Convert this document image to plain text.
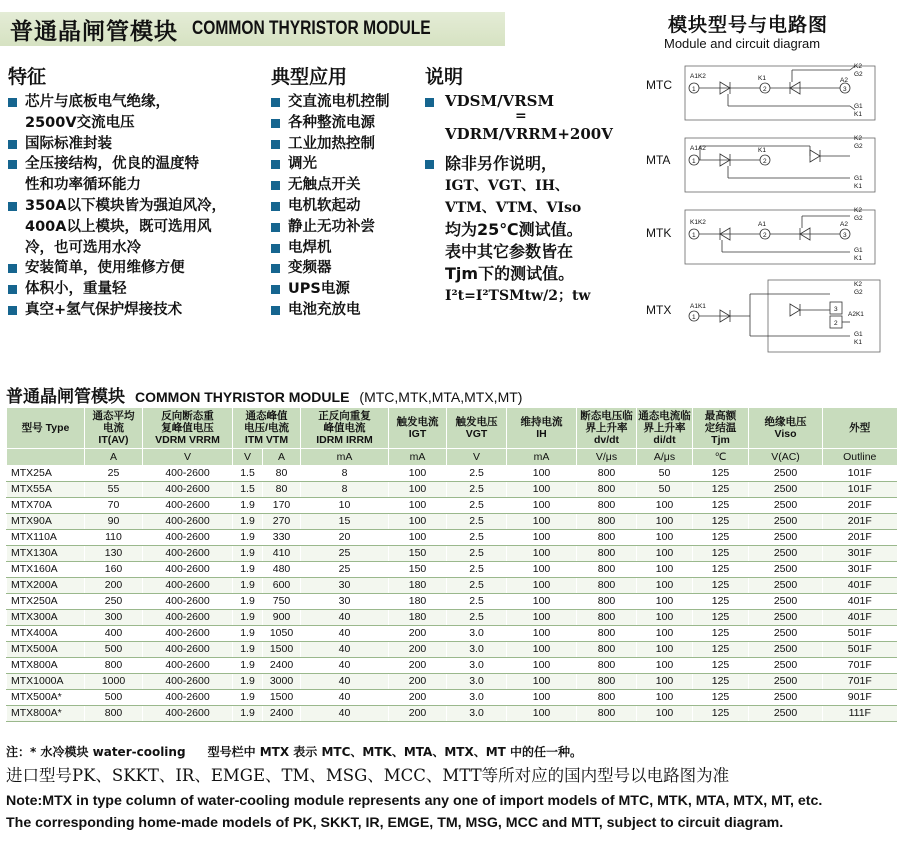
普通晶闸管模块 COMMON THYRISTOR MODULE	模块型号与电路图
Module and circuit diagram
特征
芯片与底板电气绝缘，
2500V交流电压
国际标准封装
全压接结构，优良的温度特
性和功率循环能力
350A以下模块皆为强迫风冷，
400A以上模块，既可选用风
冷，也可选用水冷
安装简单，使用维修方便
体积小，重量轻
真空+氢气保护焊接技术
典型应用
交直流电机控制
各种整流电源
工业加热控制
调光
无触点开关
电机软起动
静止无功补尝
电焊机
变频器
UPS电源
电池充放电
说明
VDSM/VRSM
=
VDRM/VRRM+200V
除非另作说明，
IGT、VGT、IH、
VTM、VTM、VIso
均为25℃测试值。
表中其它参数皆在
Tjm下的测试值。
I²t=I²TSMtw/2；tw
A1K2
1
K1
2
K2
G2
A2
3
G1
K1
A1A2
1
K1
2
K2
G2
G1
K1
K1K2
1
A1
2
K2
G2
A2
3
G1
K1
A1K1
1
K2
G2
3
2
A2K1
G1
K1
MTC
MTA
MTK
MTX
普通晶闸管模块 COMMON THYRISTOR MODULE (MTC,MTK,MTA,MTX,MT)
型号 Type	通态平均
电流
IT(AV)	反向断态重
复峰值电压
VDRM VRRM	通态峰值
电压/电流
ITM VTM		正反向重复
峰值电流
IDRM IRRM	触发电流
IGT	触发电压
VGT	维持电流
IH	断态电压临
界上升率
dv/dt	通态电流临
界上升率
di/dt	最高额
定结温
Tjm	绝缘电压
Viso	外型
	A	V	V	A	mA	mA	V	mA	V/μs	A/μs	℃	V(AC)	Outline
MTX25A	25	400-2600	1.5	80	8	100	2.5	100	800	50	125	2500	101F
MTX55A	55	400-2600	1.5	80	8	100	2.5	100	800	50	125	2500	101F
MTX70A	70	400-2600	1.9	170	10	100	2.5	100	800	100	125	2500	201F
MTX90A	90	400-2600	1.9	270	15	100	2.5	100	800	100	125	2500	201F
MTX110A	110	400-2600	1.9	330	20	100	2.5	100	800	100	125	2500	201F
MTX130A	130	400-2600	1.9	410	25	150	2.5	100	800	100	125	2500	301F
MTX160A	160	400-2600	1.9	480	25	150	2.5	100	800	100	125	2500	301F
MTX200A	200	400-2600	1.9	600	30	180	2.5	100	800	100	125	2500	401F
MTX250A	250	400-2600	1.9	750	30	180	2.5	100	800	100	125	2500	401F
MTX300A	300	400-2600	1.9	900	40	180	2.5	100	800	100	125	2500	401F
MTX400A	400	400-2600	1.9	1050	40	200	3.0	100	800	100	125	2500	501F
MTX500A	500	400-2600	1.9	1500	40	200	3.0	100	800	100	125	2500	501F
MTX800A	800	400-2600	1.9	2400	40	200	3.0	100	800	100	125	2500	701F
MTX1000A	1000	400-2600	1.9	3000	40	200	3.0	100	800	100	125	2500	701F
MTX500A*	500	400-2600	1.9	1500	40	200	3.0	100	800	100	125	2500	901F
MTX800A*	800	400-2600	1.9	2400	40	200	3.0	100	800	100	125	2500	111F
注：* 水冷模块 water-cooling 型号栏中 MTX 表示 MTC、MTK、MTA、MTX、MT 中的任一种。
进口型号PK、SKKT、IR、EMGE、TM、MSG、MCC、MTT等所对应的国内型号以电路图为准
Note:MTX in type column of water-cooling module represents any one of import models of MTC, MTK, MTA, MTX, MT, etc.
The corresponding home-made models of PK, SKKT, IR, EMGE, TM, MSG, MCC and MTT, subject to circuit diagram.
